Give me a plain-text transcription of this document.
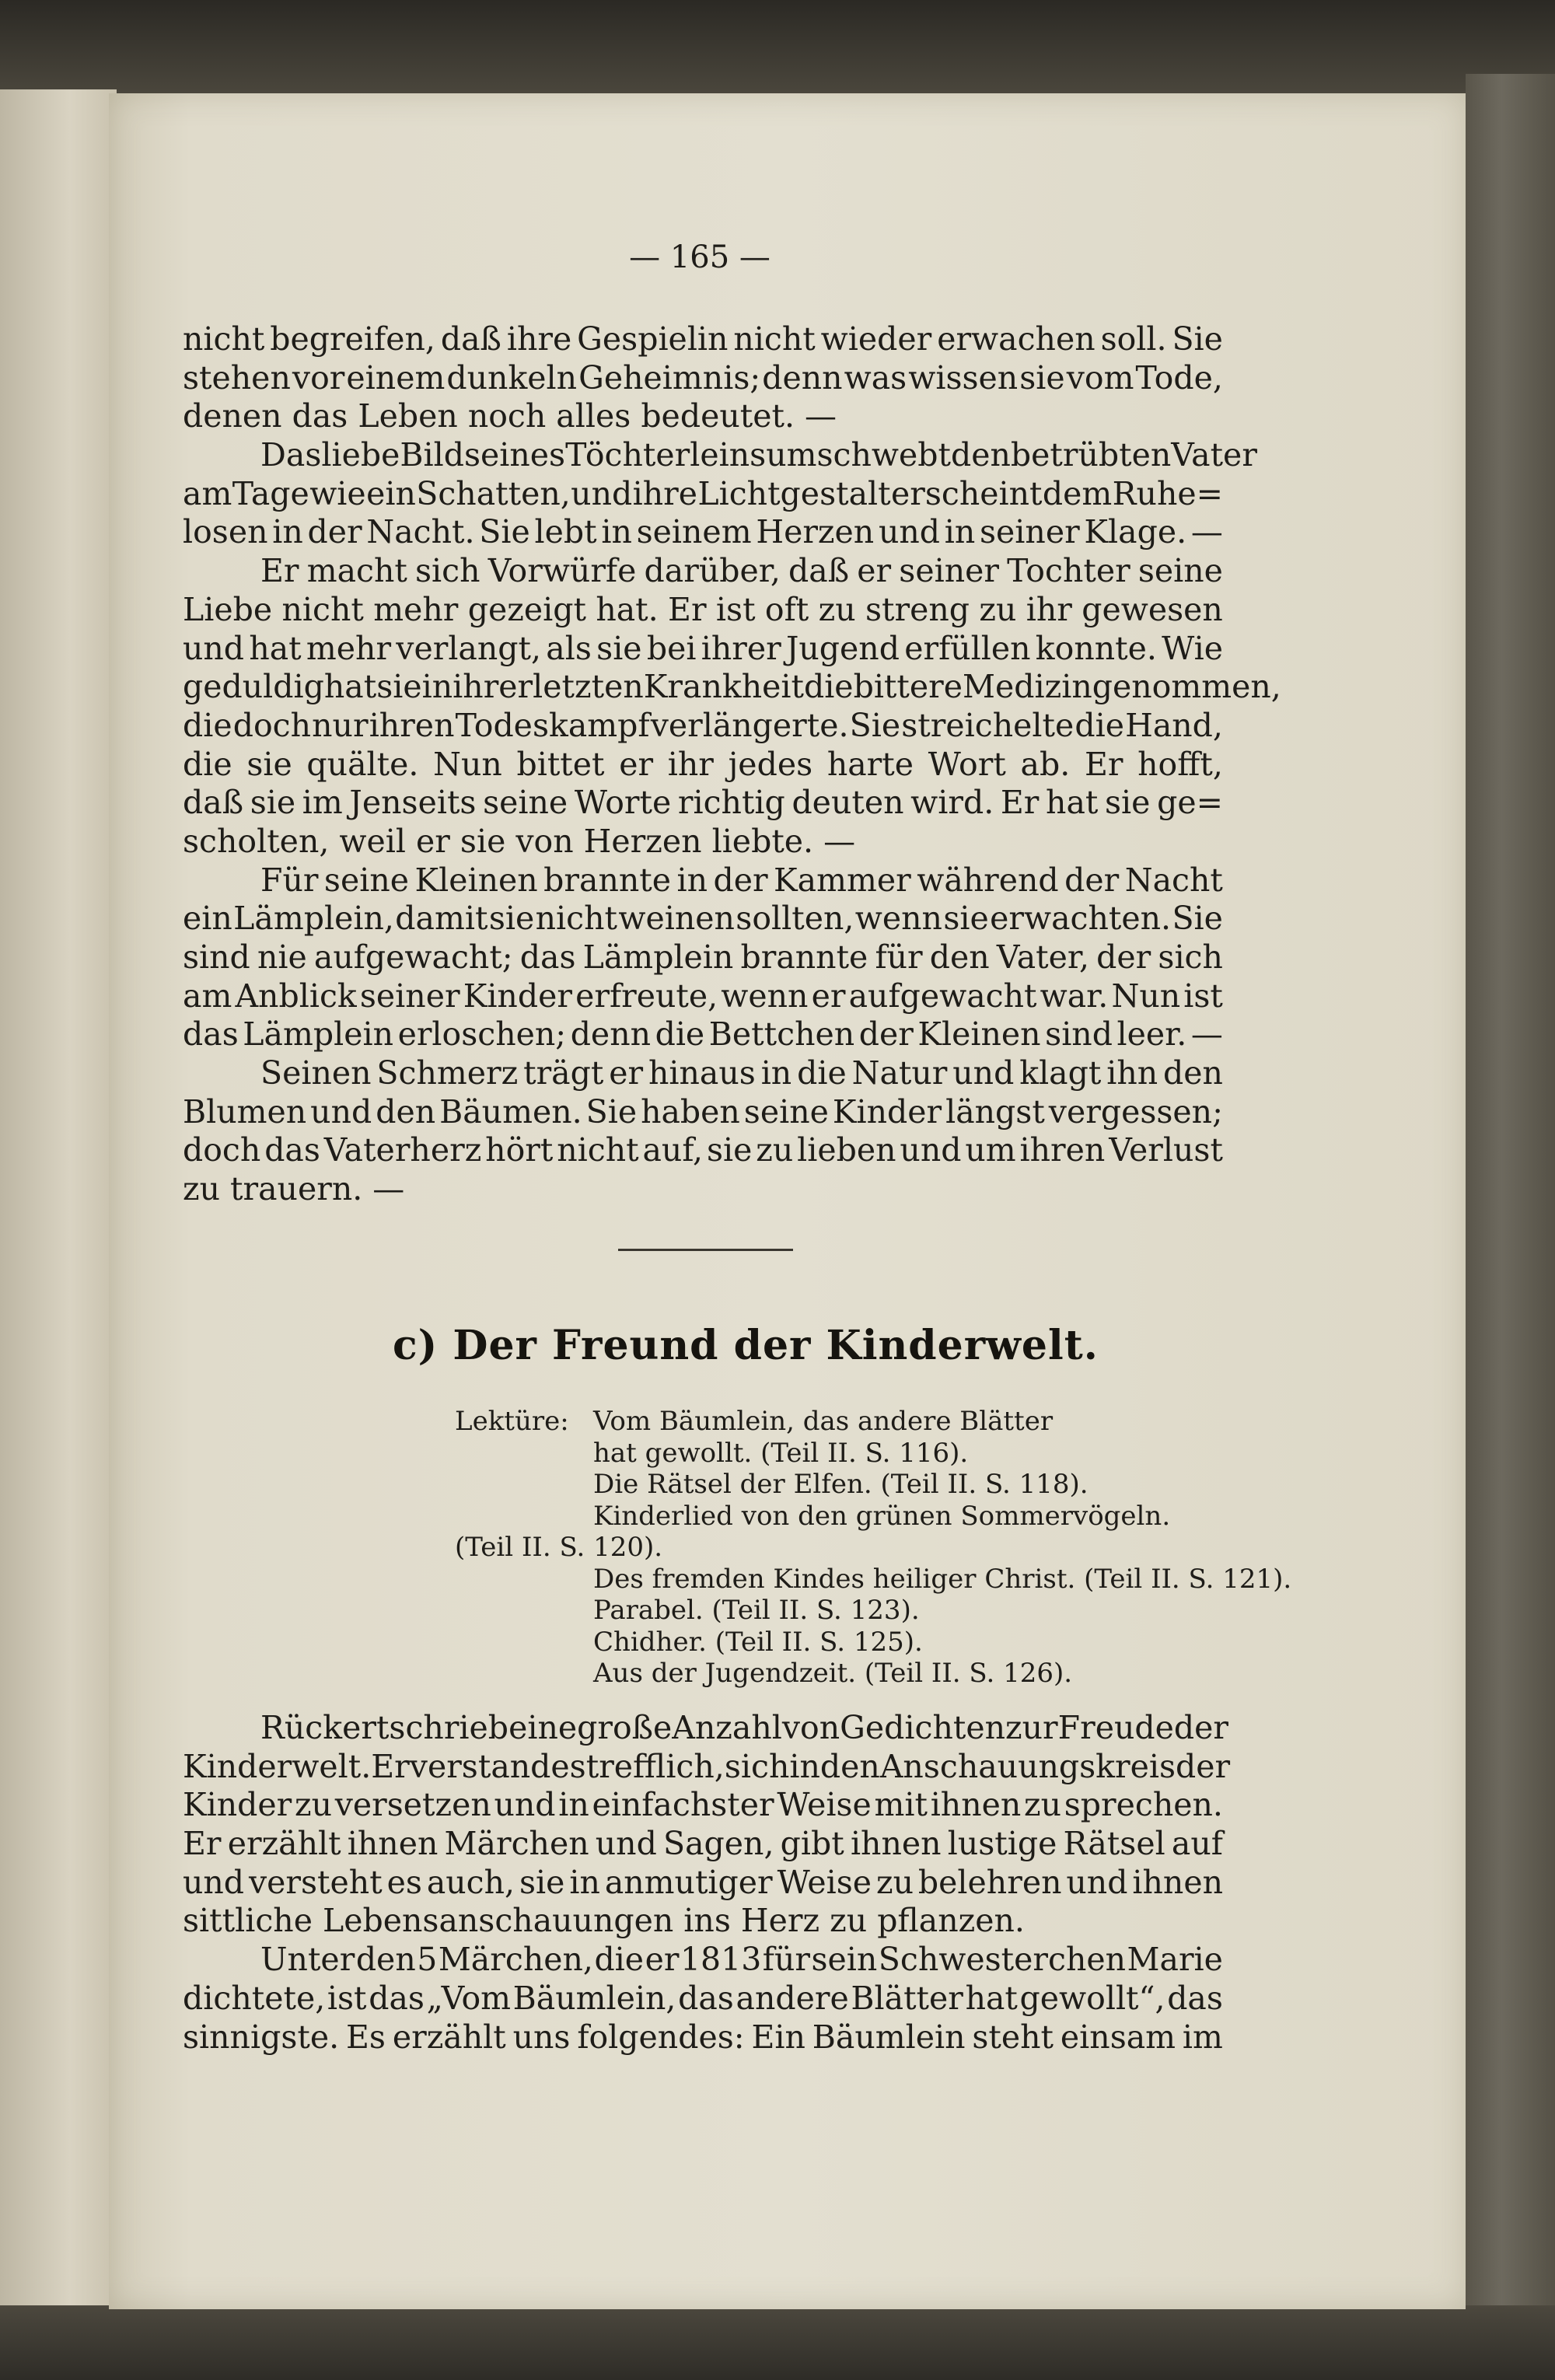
— 165 —
nicht begreifen, daß ihre Gespielin nicht wieder erwachen soll. Sie
stehen vor einem dunkeln Geheimnis; denn was wissen sie vom Tode,
denen das Leben noch alles bedeutet. —
Das liebe Bild seines Töchterleins umschwebt den betrübten Vater
am Tage wie ein Schatten, und ihre Lichtgestalt erscheint dem Ruhe=
losen in der Nacht. Sie lebt in seinem Herzen und in seiner Klage. —
Er macht sich Vorwürfe darüber, daß er seiner Tochter seine
Liebe nicht mehr gezeigt hat. Er ist oft zu streng zu ihr gewesen
und hat mehr verlangt, als sie bei ihrer Jugend erfüllen konnte. Wie
geduldig hat sie in ihrer letzten Krankheit die bittere Medizin genommen,
die doch nur ihren Todeskampf verlängerte. Sie streichelte die Hand,
die sie quälte. Nun bittet er ihr jedes harte Wort ab. Er hofft,
daß sie im Jenseits seine Worte richtig deuten wird. Er hat sie ge=
scholten, weil er sie von Herzen liebte. —
Für seine Kleinen brannte in der Kammer während der Nacht
ein Lämplein, damit sie nicht weinen sollten, wenn sie erwachten. Sie
sind nie aufgewacht; das Lämplein brannte für den Vater, der sich
am Anblick seiner Kinder erfreute, wenn er aufgewacht war. Nun ist
das Lämplein erloschen; denn die Bettchen der Kleinen sind leer. —
Seinen Schmerz trägt er hinaus in die Natur und klagt ihn den
Blumen und den Bäumen. Sie haben seine Kinder längst vergessen;
doch das Vaterherz hört nicht auf, sie zu lieben und um ihren Verlust
zu trauern. —
c) Der Freund der Kinderwelt.
Lektüre: Vom Bäumlein, das andere Blätter
hat gewollt. (Teil II. S. 116).
Die Rätsel der Elfen. (Teil II. S. 118).
Kinderlied von den grünen Sommervögeln.
(Teil II. S. 120).
Des fremden Kindes heiliger Christ. (Teil II. S. 121).
Parabel. (Teil II. S. 123).
Chidher. (Teil II. S. 125).
Aus der Jugendzeit. (Teil II. S. 126).
Rückert schrieb eine große Anzahl von Gedichten zur Freude der
Kinderwelt. Er verstand es trefflich, sich in den Anschauungskreis der
Kinder zu versetzen und in einfachster Weise mit ihnen zu sprechen.
Er erzählt ihnen Märchen und Sagen, gibt ihnen lustige Rätsel auf
und versteht es auch, sie in anmutiger Weise zu belehren und ihnen
sittliche Lebensanschauungen ins Herz zu pflanzen.
Unter den 5 Märchen, die er 1813 für sein Schwesterchen Marie
dichtete, ist das „Vom Bäumlein, das andere Blätter hat gewollt“, das
sinnigste. Es erzählt uns folgendes: Ein Bäumlein steht einsam im
